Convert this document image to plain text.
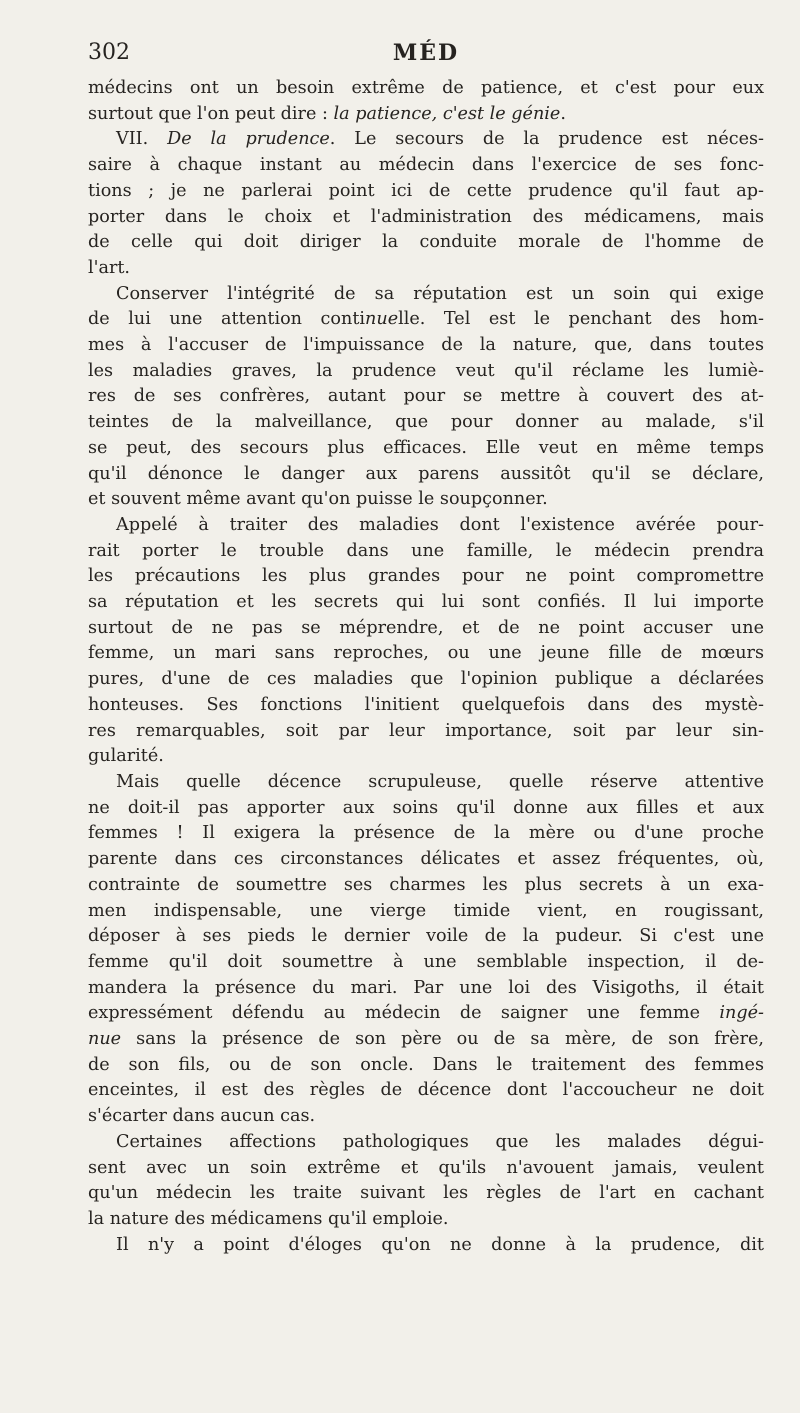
302	MÉD

médecins ont un besoin extrême de patience, et c'est pour eux
surtout que l'on peut dire : la patience, c'est le génie.

VII. De la prudence. Le secours de la prudence est néces-
saire à chaque instant au médecin dans l'exercice de ses fonc-
tions ; je ne parlerai point ici de cette prudence qu'il faut ap-
porter dans le choix et l'administration des médicamens, mais
de celle qui doit diriger la conduite morale de l'homme de
l'art.

Conserver l'intégrité de sa réputation est un soin qui exige
de lui une attention continuelle. Tel est le penchant des hom-
mes à l'accuser de l'impuissance de la nature, que, dans toutes
les maladies graves, la prudence veut qu'il réclame les lumiè-
res de ses confrères, autant pour se mettre à couvert des at-
teintes de la malveillance, que pour donner au malade, s'il
se peut, des secours plus efficaces. Elle veut en même temps
qu'il dénonce le danger aux parens aussitôt qu'il se déclare,
et souvent même avant qu'on puisse le soupçonner.

Appelé à traiter des maladies dont l'existence avérée pour-
rait porter le trouble dans une famille, le médecin prendra
les précautions les plus grandes pour ne point compromettre
sa réputation et les secrets qui lui sont confiés. Il lui importe
surtout de ne pas se méprendre, et de ne point accuser une
femme, un mari sans reproches, ou une jeune fille de mœurs
pures, d'une de ces maladies que l'opinion publique a déclarées
honteuses. Ses fonctions l'initient quelquefois dans des mystè-
res remarquables, soit par leur importance, soit par leur sin-
gularité.

Mais quelle décence scrupuleuse, quelle réserve attentive
ne doit-il pas apporter aux soins qu'il donne aux filles et aux
femmes ! Il exigera la présence de la mère ou d'une proche
parente dans ces circonstances délicates et assez fréquentes, où,
contrainte de soumettre ses charmes les plus secrets à un exa-
men indispensable, une vierge timide vient, en rougissant,
déposer à ses pieds le dernier voile de la pudeur. Si c'est une
femme qu'il doit soumettre à une semblable inspection, il de-
mandera la présence du mari. Par une loi des Visigoths, il était
expressément défendu au médecin de saigner une femme ingé-
nue sans la présence de son père ou de sa mère, de son frère,
de son fils, ou de son oncle. Dans le traitement des femmes
enceintes, il est des règles de décence dont l'accoucheur ne doit
s'écarter dans aucun cas.

Certaines affections pathologiques que les malades dégui-
sent avec un soin extrême et qu'ils n'avouent jamais, veulent
qu'un médecin les traite suivant les règles de l'art en cachant
la nature des médicamens qu'il emploie.

Il n'y a point d'éloges qu'on ne donne à la prudence, dit
